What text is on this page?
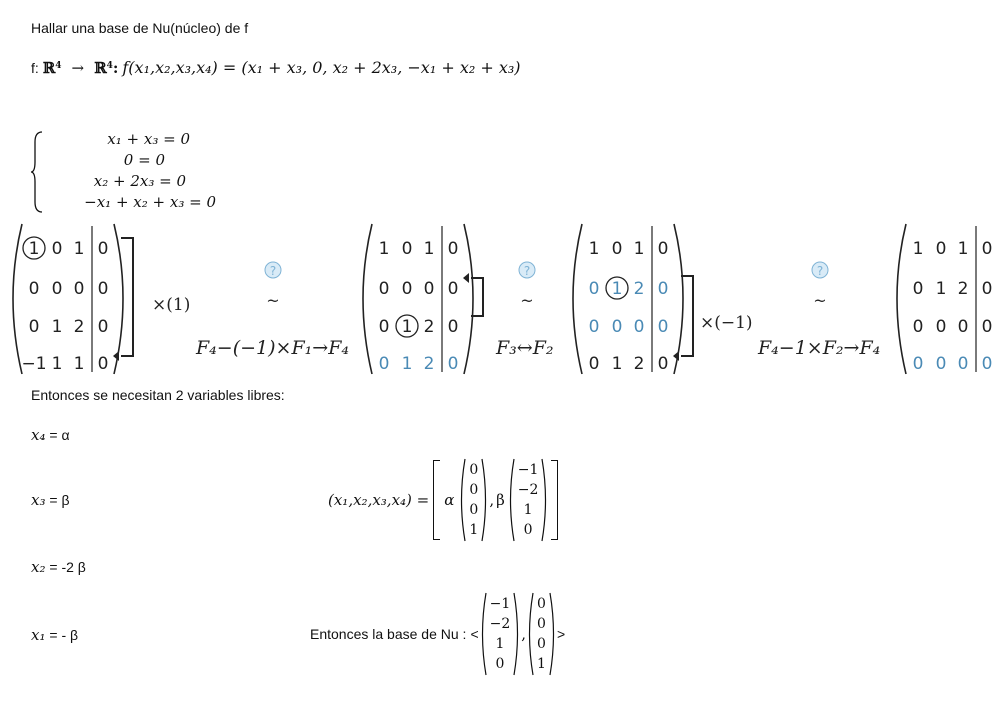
Hallar una base de Nu(núcleo) de f
f: ℝ$^4$ → ℝ$^4$: f(x₁,x₂,x₃,x₄) = (x₁ + x₃, 0, x₂ + 2x₃, −x₁ + x₂ + x₃)
x₁ + x₃ = 0
0 = 0
x₂ + 2x₃ = 0
−x₁ + x₂ + x₃ = 0
1 0 1 0
0 0 0 0
0 1 2 0
−1 1 1 0
1 0 1 0
0 0 0 0
0 1 2 0
0 1 2 0
1 0 1 0
0 1 2 0
0 0 0 0
0 1 2 0
1 0 1 0
0 1 2 0
0 0 0 0
0 0 0 0
×(1)
×(−1)
F₄−(−1)×F₁→F₄	F₃↔F₂	F₄−1×F₂→F₄
?
~
?
~
?
~
Entonces se necesitan 2 variables libres:
x₄ = α
x₃ = β
x₂ = -2 β
x₁ = - β
(x₁,x₂,x₃,x₄) = α
0
0
0
1
, β
−1
−2
1
0
Entonces la base de Nu : <
−1
−2
1
0
,
0
0
0
1
>
